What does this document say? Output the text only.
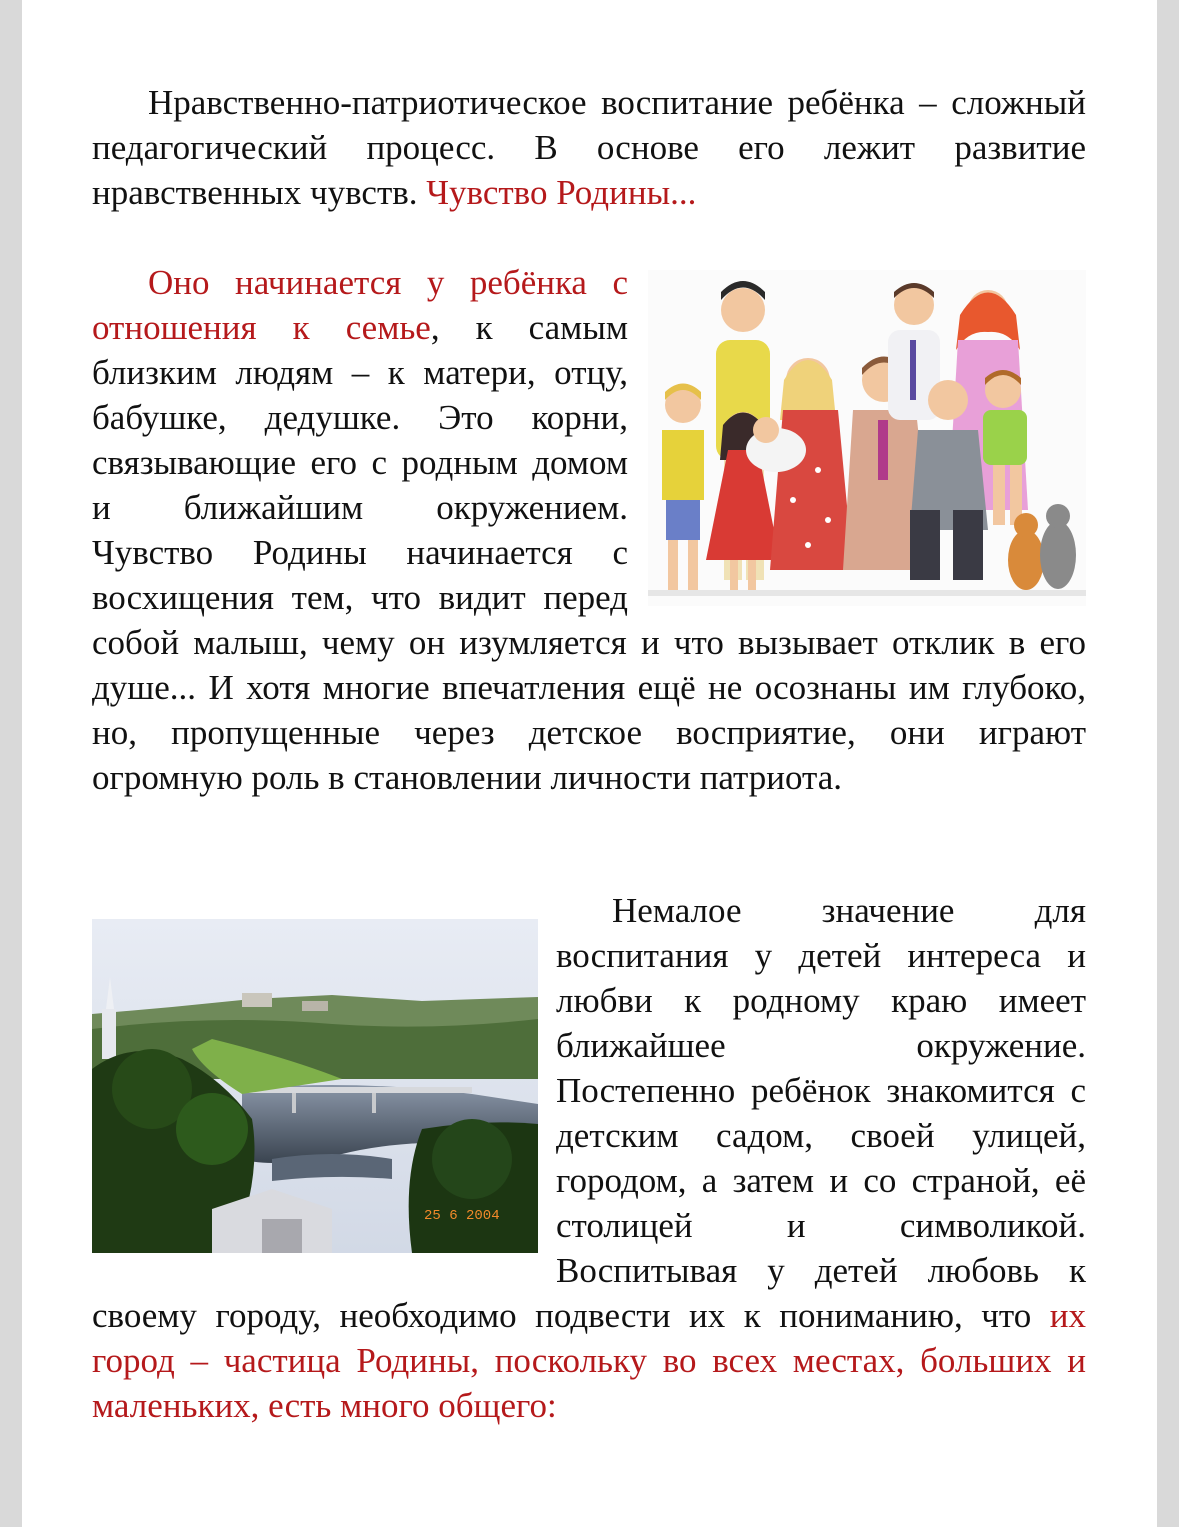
Нравственно-патриотическое воспитание ребёнка – сложный педагогический процесс. В основе его лежит развитие нравственных чувств. Чувство Родины...

Оно начинается у ребёнка с отношения к семье, к самым близким людям – к матери, отцу, бабушке, дедушке. Это корни, связывающие его с родным домом и ближайшим окружением. Чувство Родины начинается с восхищения тем, что видит перед собой малыш, чему он изумляется и что вызывает отклик в его душе... И хотя многие впечатления ещё не осознаны им глубоко, но, пропущенные через детское восприятие, они играют огромную роль в становлении личности патриота.
25 6 2004
Немалое значение для воспитания у детей интереса и любви к родному краю имеет ближайшее окружение. Постепенно ребёнок знакомится с детским садом, своей улицей, городом, а затем и со страной, её столицей и символикой. Воспитывая у детей любовь к своему городу, необходимо подвести их к пониманию, что их город – частица Родины, поскольку во всех местах, больших и маленьких, есть много общего:
